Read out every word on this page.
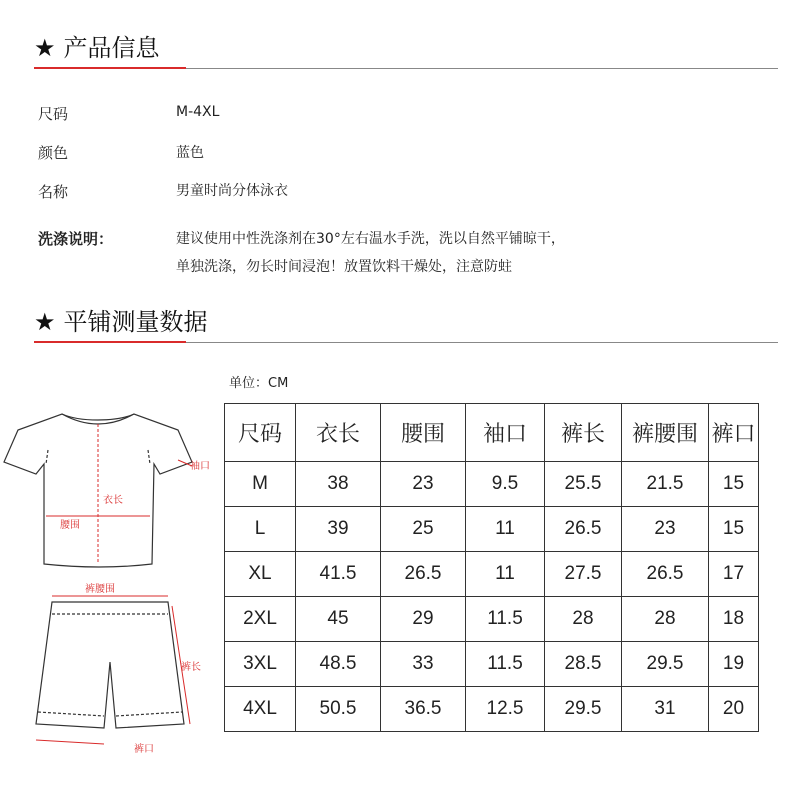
★ 产品信息
尺码	M-4XL
颜色	蓝色
名称	男童时尚分体泳衣
洗涤说明：	建议使用中性洗涤剂在30°左右温水手洗，洗以自然平铺晾干，
单独洗涤，勿长时间浸泡！放置饮料干燥处，注意防蛀
★ 平铺测量数据
单位：CM
衣长
腰围
袖口
裤腰围
裤长
裤口
尺码	衣长	腰围	袖口	裤长	裤腰围	裤口
M	38	23	9.5	25.5	21.5	15
L	39	25	11	26.5	23	15
XL	41.5	26.5	11	27.5	26.5	17
2XL	45	29	11.5	28	28	18
3XL	48.5	33	11.5	28.5	29.5	19
4XL	50.5	36.5	12.5	29.5	31	20
